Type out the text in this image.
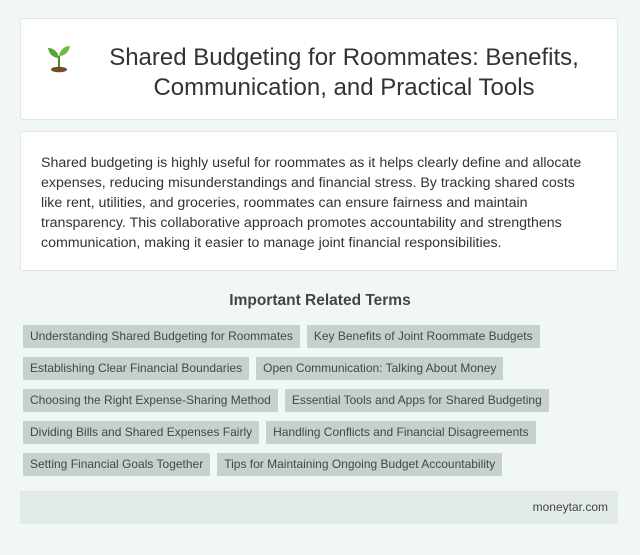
Shared Budgeting for Roommates: Benefits, Communication, and Practical Tools

Shared budgeting is highly useful for roommates as it helps clearly define and allocate expenses, reducing misunderstandings and financial stress. By tracking shared costs like rent, utilities, and groceries, roommates can ensure fairness and maintain transparency. This collaborative approach promotes accountability and strengthens communication, making it easier to manage joint financial responsibilities.

Important Related Terms
Understanding Shared Budgeting for Roommates	Key Benefits of Joint Roommate Budgets
Establishing Clear Financial Boundaries	Open Communication: Talking About Money
Choosing the Right Expense-Sharing Method	Essential Tools and Apps for Shared Budgeting
Dividing Bills and Shared Expenses Fairly	Handling Conflicts and Financial Disagreements
Setting Financial Goals Together	Tips for Maintaining Ongoing Budget Accountability
moneytar.com
